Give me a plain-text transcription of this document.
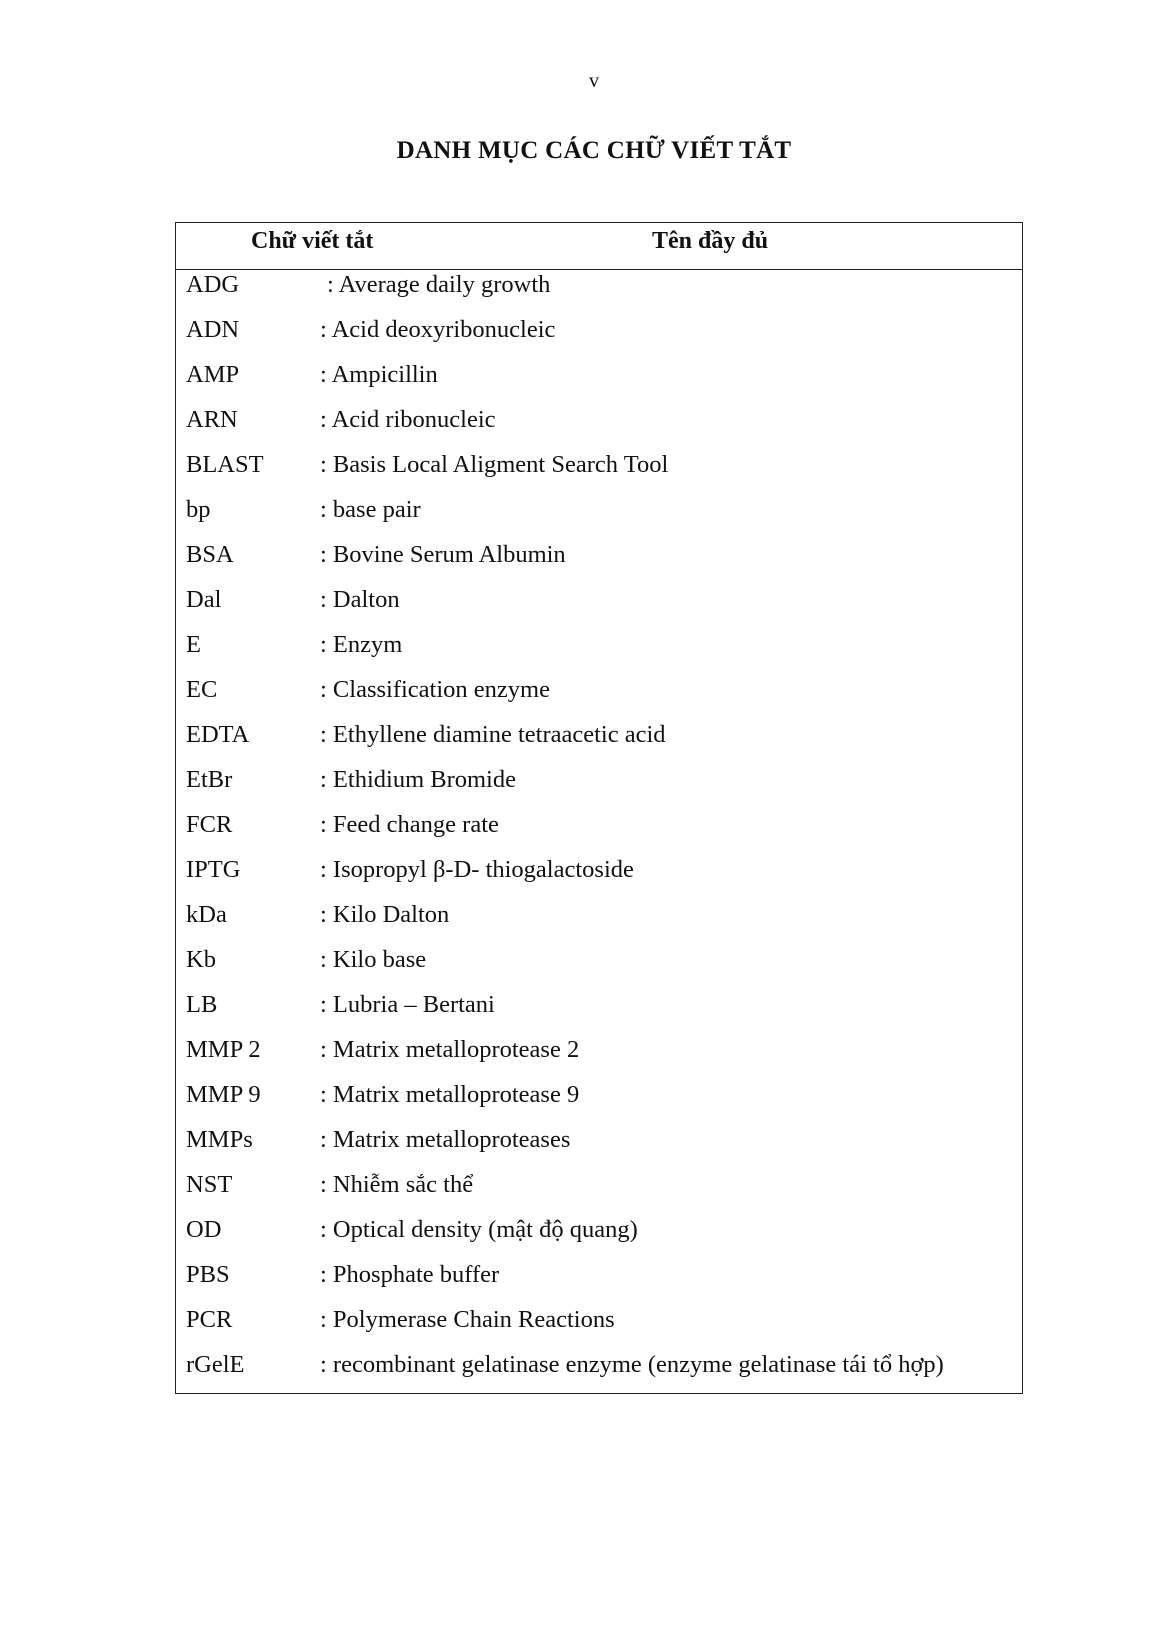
v
DANH MỤC CÁC CHỮ VIẾT TẮT
Chữ viết tắt	Tên đầy đủ
ADG	: Average daily growth
ADN	: Acid deoxyribonucleic
AMP	: Ampicillin
ARN	: Acid ribonucleic
BLAST : Basis Local Aligment Search Tool
bp	: base pair
BSA	: Bovine Serum Albumin
Dal	: Dalton
E	: Enzym
EC	: Classification enzyme
EDTA	: Ethyllene diamine tetraacetic acid
EtBr	: Ethidium Bromide
FCR	: Feed change rate
IPTG	: Isopropyl β-D- thiogalactoside
kDa	: Kilo Dalton
Kb	: Kilo base
LB	: Lubria – Bertani
MMP 2 : Matrix metalloprotease 2
MMP 9 : Matrix metalloprotease 9
MMPs	: Matrix metalloproteases
NST	: Nhiễm sắc thể
OD	: Optical density (mật độ quang)
PBS	: Phosphate buffer
PCR	: Polymerase Chain Reactions
rGelE	: recombinant gelatinase enzyme (enzyme gelatinase tái tổ hợp)
